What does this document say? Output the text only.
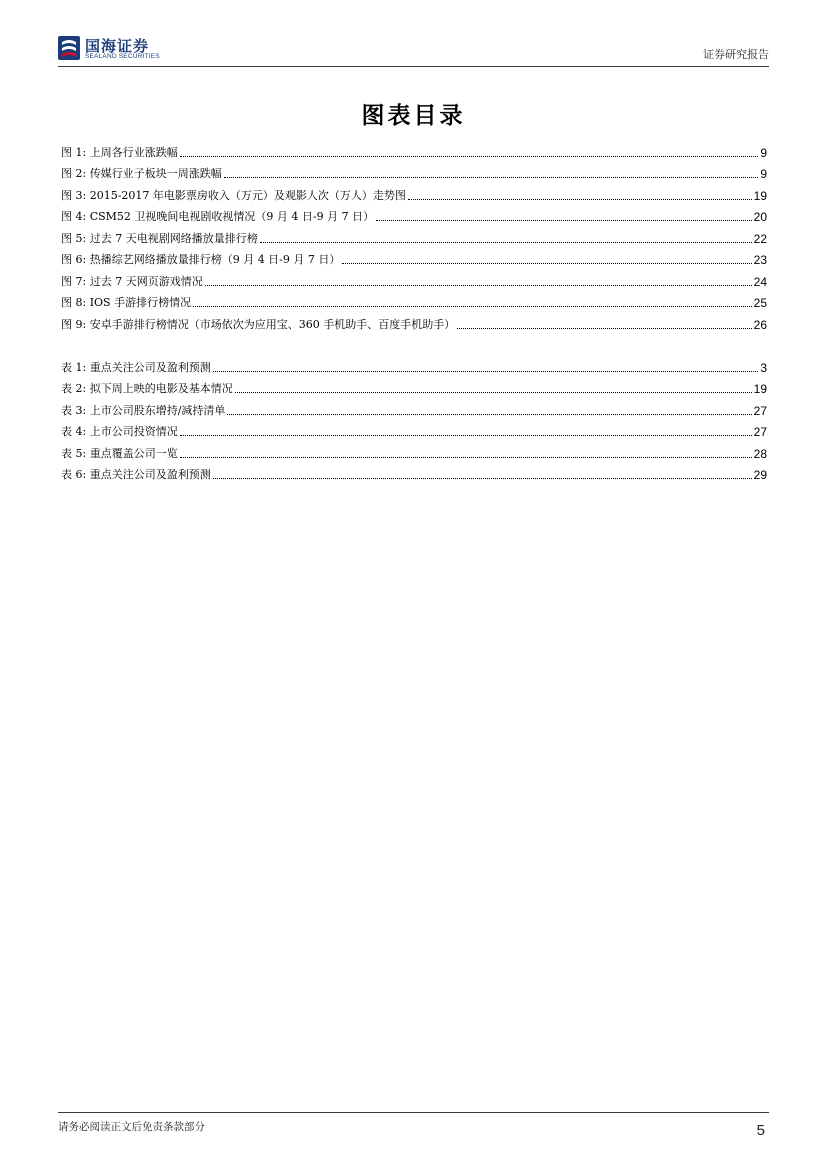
国海证券
SEALAND SECURITIES	证券研究报告
图表目录
图 1: 上周各行业涨跌幅	9
图 2: 传媒行业子板块一周涨跌幅	9
图 3: 2015-2017 年电影票房收入（万元）及观影人次（万人）走势图	19
图 4: CSM52 卫视晚间电视剧收视情况（9 月 4 日-9 月 7 日）	20
图 5: 过去 7 天电视剧网络播放量排行榜	22
图 6: 热播综艺网络播放量排行榜（9 月 4 日-9 月 7 日）	23
图 7: 过去 7 天网页游戏情况	24
图 8: IOS 手游排行榜情况	25
图 9: 安卓手游排行榜情况（市场依次为应用宝、360 手机助手、百度手机助手）	26
表 1: 重点关注公司及盈利预测	3
表 2: 拟下周上映的电影及基本情况	19
表 3: 上市公司股东增持/减持清单	27
表 4: 上市公司投资情况	27
表 5: 重点覆盖公司一览	28
表 6: 重点关注公司及盈利预测	29
请务必阅读正文后免责条款部分	5
